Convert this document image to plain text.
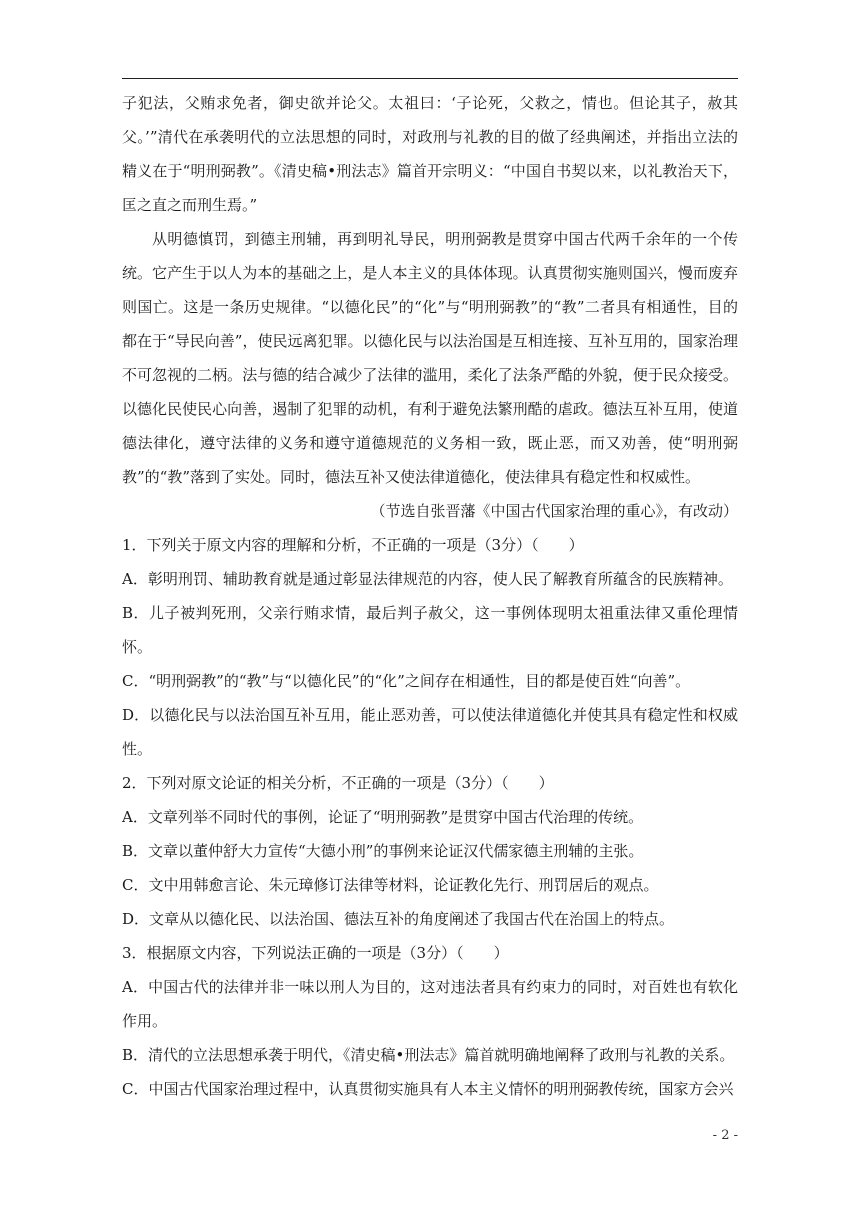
子犯法，父贿求免者，御史欲并论父。太祖曰：‘子论死，父救之，情也。但论其子，赦其父。’”清代在承袭明代的立法思想的同时，对政刑与礼教的目的做了经典阐述，并指出立法的精义在于“明刑弼教”。《清史稿•刑法志》篇首开宗明义：“中国自书契以来，以礼教治天下，匡之直之而刑生焉。”

从明德慎罚，到德主刑辅，再到明礼导民，明刑弼教是贯穿中国古代两千余年的一个传统。它产生于以人为本的基础之上，是人本主义的具体体现。认真贯彻实施则国兴，慢而废弃则国亡。这是一条历史规律。“以德化民”的“化”与“明刑弼教”的“教”二者具有相通性，目的都在于“导民向善”，使民远离犯罪。以德化民与以法治国是互相连接、互补互用的，国家治理不可忽视的二柄。法与德的结合减少了法律的滥用，柔化了法条严酷的外貌，便于民众接受。以德化民使民心向善，遏制了犯罪的动机，有利于避免法繁刑酷的虐政。德法互补互用，使道德法律化，遵守法律的义务和遵守道德规范的义务相一致，既止恶，而又劝善，使“明刑弼教”的“教”落到了实处。同时，德法互补又使法律道德化，使法律具有稳定性和权威性。

（节选自张晋藩《中国古代国家治理的重心》，有改动）

1．下列关于原文内容的理解和分析，不正确的一项是（3分）（　　）

A．彰明刑罚、辅助教育就是通过彰显法律规范的内容，使人民了解教育所蕴含的民族精神。

B．儿子被判死刑，父亲行贿求情，最后判子赦父，这一事例体现明太祖重法律又重伦理情怀。

C．“明刑弼教”的“教”与“以德化民”的“化”之间存在相通性，目的都是使百姓“向善”。

D．以德化民与以法治国互补互用，能止恶劝善，可以使法律道德化并使其具有稳定性和权威性。

2．下列对原文论证的相关分析，不正确的一项是（3分）（　　）

A．文章列举不同时代的事例，论证了“明刑弼教”是贯穿中国古代治理的传统。

B．文章以董仲舒大力宣传“大德小刑”的事例来论证汉代儒家德主刑辅的主张。

C．文中用韩愈言论、朱元璋修订法律等材料，论证教化先行、刑罚居后的观点。

D．文章从以德化民、以法治国、德法互补的角度阐述了我国古代在治国上的特点。

3．根据原文内容，下列说法正确的一项是（3分）（　　）

A．中国古代的法律并非一味以刑人为目的，这对违法者具有约束力的同时，对百姓也有软化作用。

B．清代的立法思想承袭于明代，《清史稿•刑法志》篇首就明确地阐释了政刑与礼教的关系。

C．中国古代国家治理过程中，认真贯彻实施具有人本主义情怀的明刑弼教传统，国家方会兴

- 2 -
